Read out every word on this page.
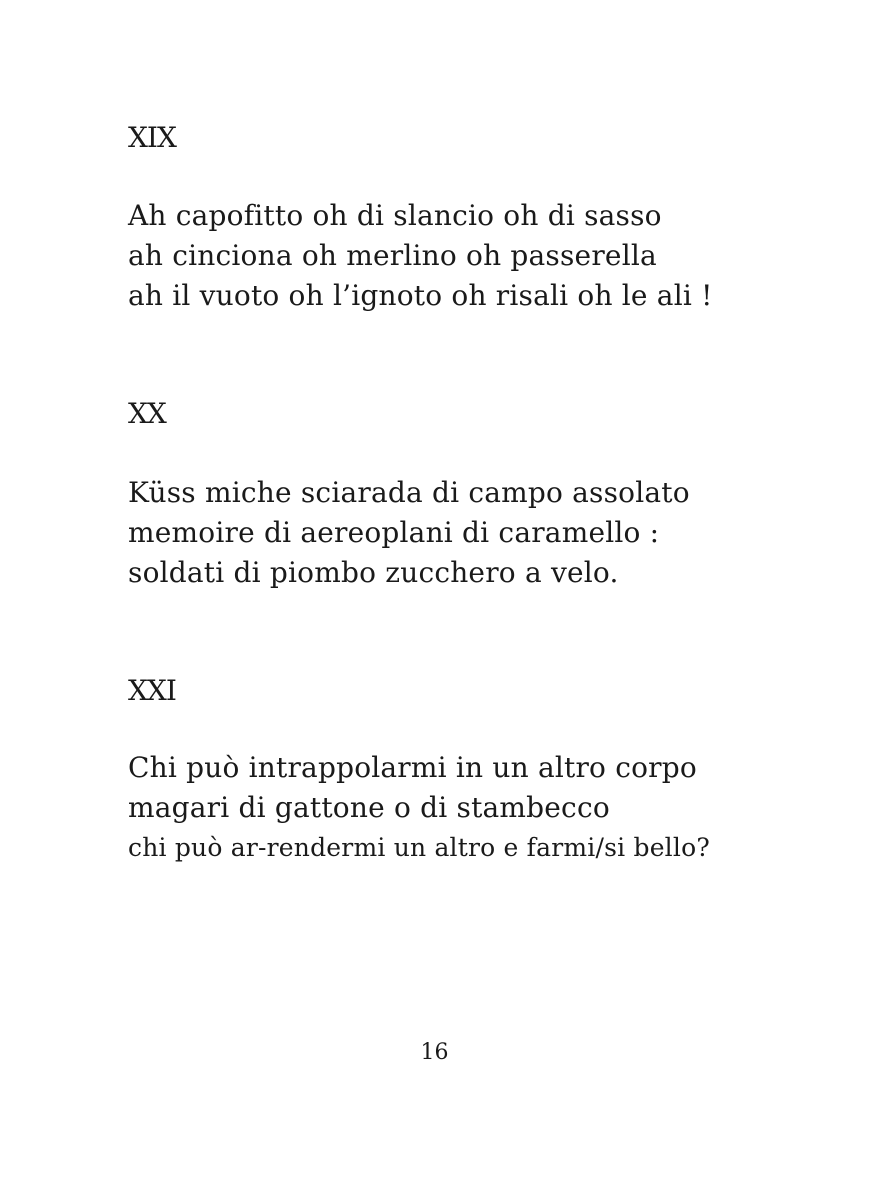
XIX
Ah capofitto oh di slancio oh di sasso
ah cinciona oh merlino oh passerella
ah il vuoto oh l’ignoto oh risali oh le ali !
XX
Küss miche sciarada di campo assolato
memoire di aereoplani di caramello :
soldati di piombo zucchero a velo.
XXI
Chi può intrappolarmi in un altro corpo
magari di gattone o di stambecco
chi può ar-rendermi un altro e farmi/si bello?
16
